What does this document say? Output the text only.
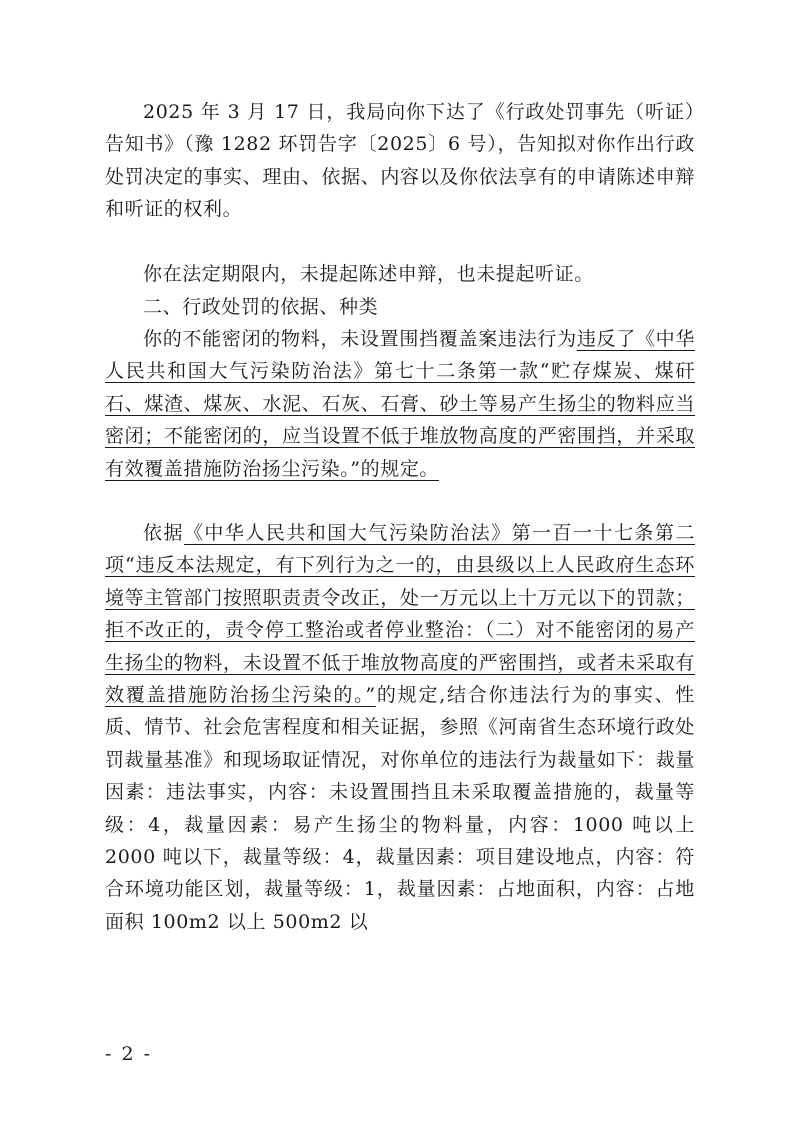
2025 年 3 月 17 日，我局向你下达了《行政处罚事先（听证）告知书》（豫 1282 环罚告字〔2025〕6 号），告知拟对你作出行政处罚决定的事实、理由、依据、内容以及你依法享有的申请陈述申辩和听证的权利。

你在法定期限内，未提起陈述申辩，也未提起听证。

二、行政处罚的依据、种类

你的不能密闭的物料，未设置围挡覆盖案违法行为违反了《中华人民共和国大气污染防治法》第七十二条第一款“贮存煤炭、煤矸石、煤渣、煤灰、水泥、石灰、石膏、砂土等易产生扬尘的物料应当密闭；不能密闭的，应当设置不低于堆放物高度的严密围挡，并采取有效覆盖措施防治扬尘污染。”的规定。

依据《中华人民共和国大气污染防治法》第一百一十七条第二项“违反本法规定，有下列行为之一的，由县级以上人民政府生态环境等主管部门按照职责责令改正，处一万元以上十万元以下的罚款；拒不改正的，责令停工整治或者停业整治：（二）对不能密闭的易产生扬尘的物料，未设置不低于堆放物高度的严密围挡，或者未采取有效覆盖措施防治扬尘污染的。”的规定,结合你违法行为的事实、性质、情节、社会危害程度和相关证据，参照《河南省生态环境行政处罚裁量基准》和现场取证情况，对你单位的违法行为裁量如下：裁量因素：违法事实，内容：未设置围挡且未采取覆盖措施的，裁量等级：4，裁量因素：易产生扬尘的物料量，内容：1000 吨以上 2000 吨以下，裁量等级：4，裁量因素：项目建设地点，内容：符合环境功能区划，裁量等级：1，裁量因素：占地面积，内容：占地面积 100m2 以上 500m2 以

- 2 -
